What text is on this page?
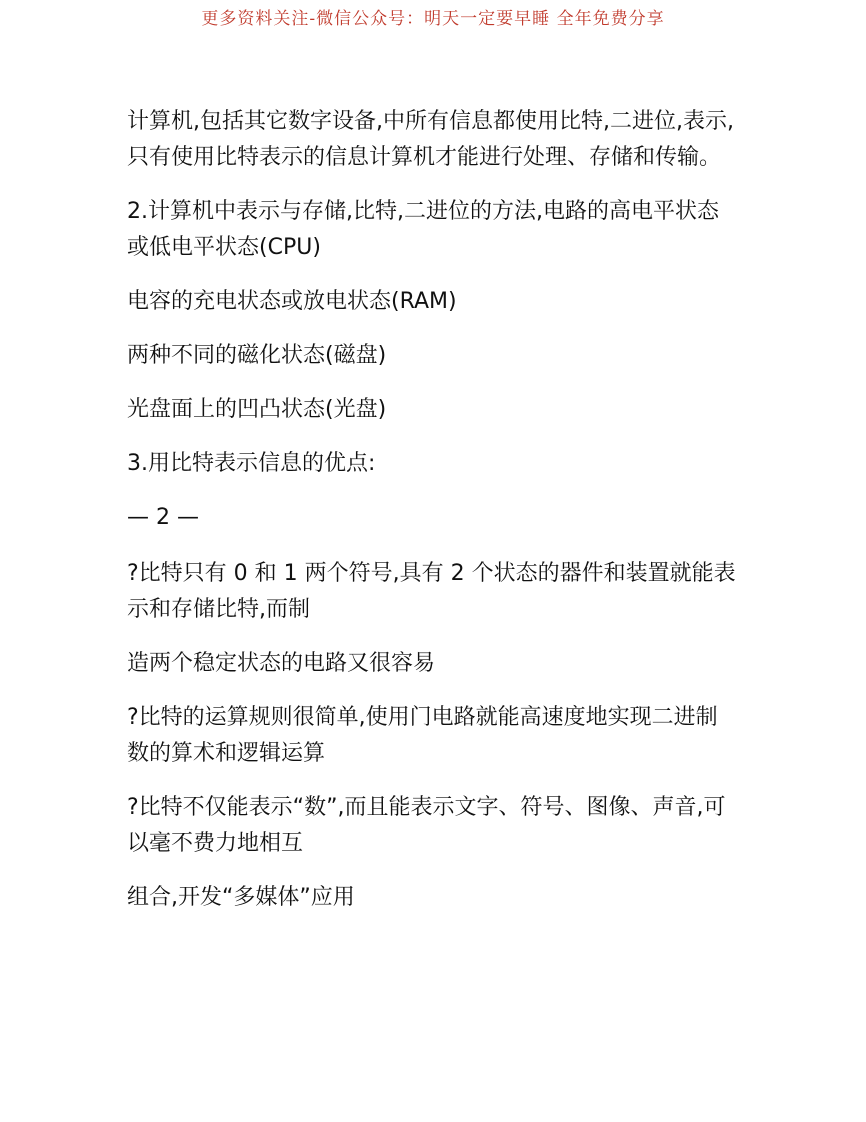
更多资料关注-微信公众号：明天一定要早睡 全年免费分享

计算机,包括其它数字设备,中所有信息都使用比特,二进位,表示,只有使用比特表示的信息计算机才能进行处理、存储和传输。

2.计算机中表示与存储,比特,二进位的方法,电路的高电平状态或低电平状态(CPU)

电容的充电状态或放电状态(RAM)

两种不同的磁化状态(磁盘)

光盘面上的凹凸状态(光盘)

3.用比特表示信息的优点:

— 2 —

?比特只有 0 和 1 两个符号,具有 2 个状态的器件和装置就能表示和存储比特,而制

造两个稳定状态的电路又很容易

?比特的运算规则很简单,使用门电路就能高速度地实现二进制数的算术和逻辑运算

?比特不仅能表示“数”,而且能表示文字、符号、图像、声音,可以毫不费力地相互

组合,开发“多媒体”应用
